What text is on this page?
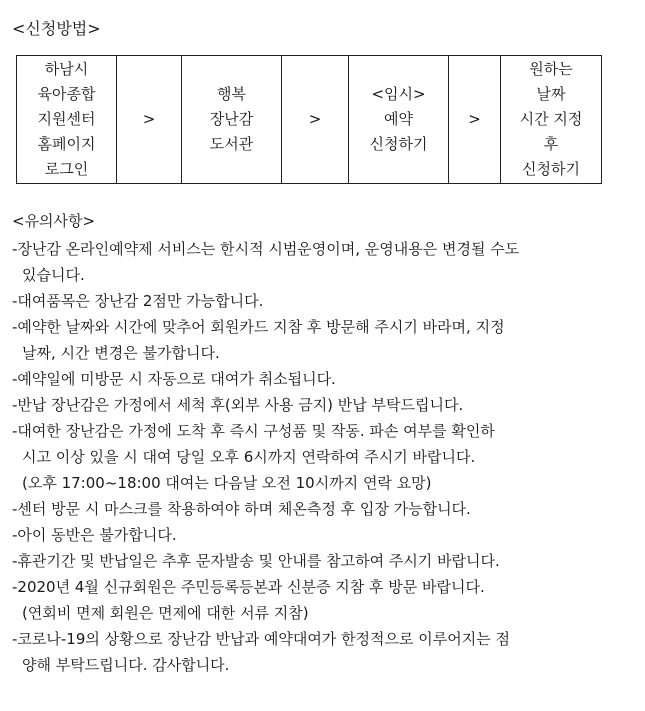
<신청방법>
하남시
육아종합
지원센터
홈페이지
로그인
	>	
행복
장난감
도서관
	>	
<임시>
예약
신청하기
	>	
원하는
날짜
시간 지정
후
신청하기
<유의사항>
-장난감 온라인예약제 서비스는 한시적 시범운영이며, 운영내용은 변경될 수도
있습니다.
-대여품목은 장난감 2점만 가능합니다.
-예약한 날짜와 시간에 맞추어 회원카드 지참 후 방문해 주시기 바라며, 지정
날짜, 시간 변경은 불가합니다.
-예약일에 미방문 시 자동으로 대여가 취소됩니다.
-반납 장난감은 가정에서 세척 후(외부 사용 금지) 반납 부탁드립니다.
-대여한 장난감은 가정에 도착 후 즉시 구성품 및 작동. 파손 여부를 확인하
시고 이상 있을 시 대여 당일 오후 6시까지 연락하여 주시기 바랍니다.
(오후 17:00~18:00 대여는 다음날 오전 10시까지 연락 요망)
-센터 방문 시 마스크를 착용하여야 하며 체온측정 후 입장 가능합니다.
-아이 동반은 불가합니다.
-휴관기간 및 반납일은 추후 문자발송 및 안내를 참고하여 주시기 바랍니다.
-2020년 4월 신규회원은 주민등록등본과 신분증 지참 후 방문 바랍니다.
(연회비 면제 회원은 면제에 대한 서류 지참)
-코로나-19의 상황으로 장난감 반납과 예약대여가 한정적으로 이루어지는 점
양해 부탁드립니다. 감사합니다.
